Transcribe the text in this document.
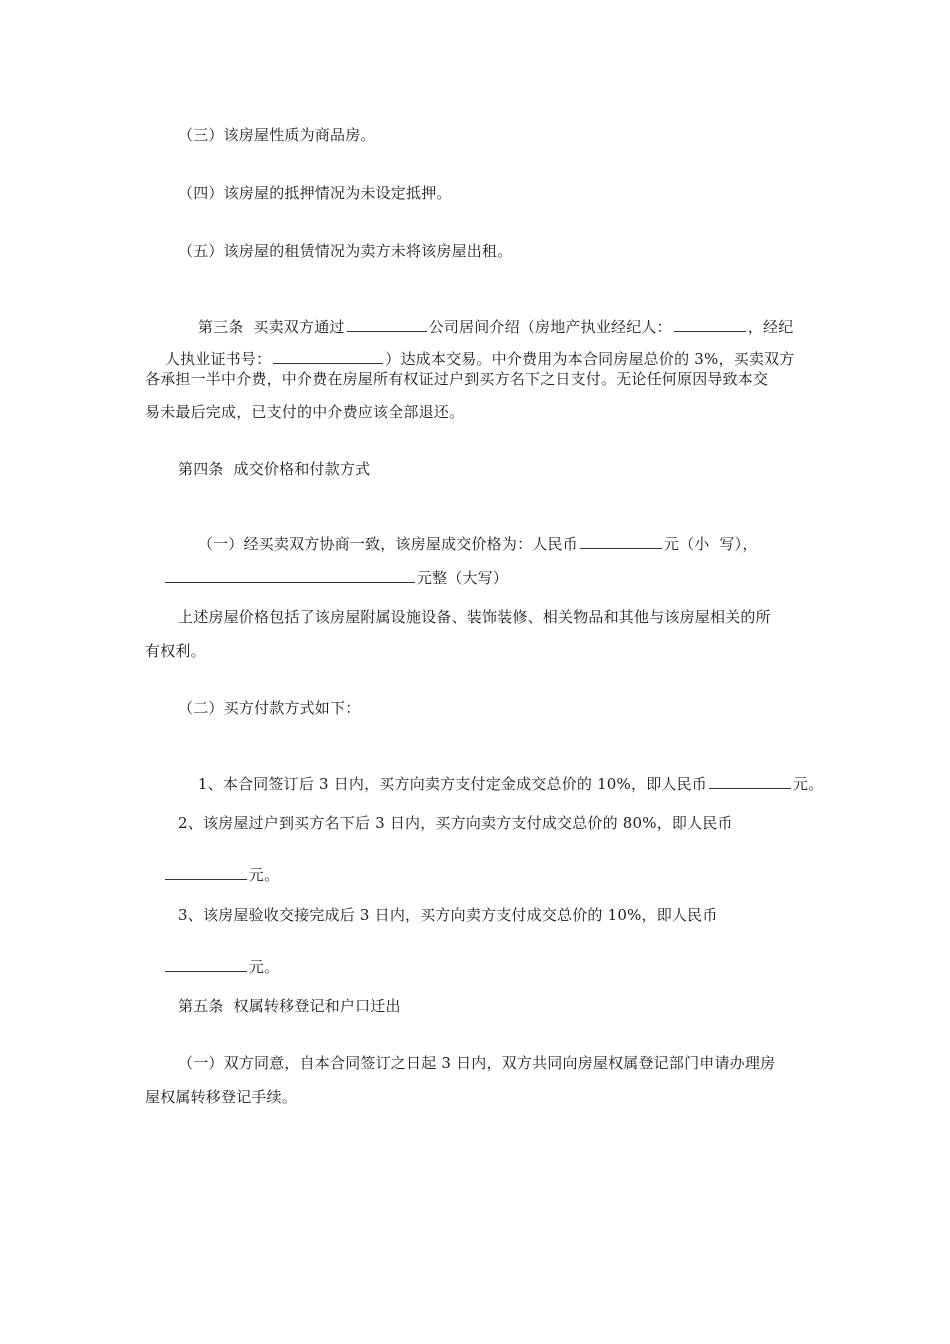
（三）该房屋性质为商品房。
（四）该房屋的抵押情况为未设定抵押。
（五）该房屋的租赁情况为卖方未将该房屋出租。

第三条  买卖双方通过	公司居间介绍（房地产执业经纪人：	，经纪

人执业证书号：	）达成本交易。中介费用为本合同房屋总价的 3%，买卖双方

各承担一半中介费，中介费在房屋所有权证过户到买方名下之日支付。无论任何原因导致本交
易未最后完成，已支付的中介费应该全部退还。
第四条  成交价格和付款方式

（一）经买卖双方协商一致，该房屋成交价格为：人民币	元（小  写），

元整（大写）

上述房屋价格包括了该房屋附属设施设备、装饰装修、相关物品和其他与该房屋相关的所
有权利。
（二）买方付款方式如下：

1、本合同签订后 3 日内，买方向卖方支付定金成交总价的 10%，即人民币	元。

2、该房屋过户到买方名下后 3 日内，买方向卖方支付成交总价的 80%，即人民币

元。

3、该房屋验收交接完成后 3 日内，买方向卖方支付成交总价的 10%，即人民币

元。

第五条  权属转移登记和户口迁出
（一）双方同意，自本合同签订之日起 3 日内，双方共同向房屋权属登记部门申请办理房
屋权属转移登记手续。
